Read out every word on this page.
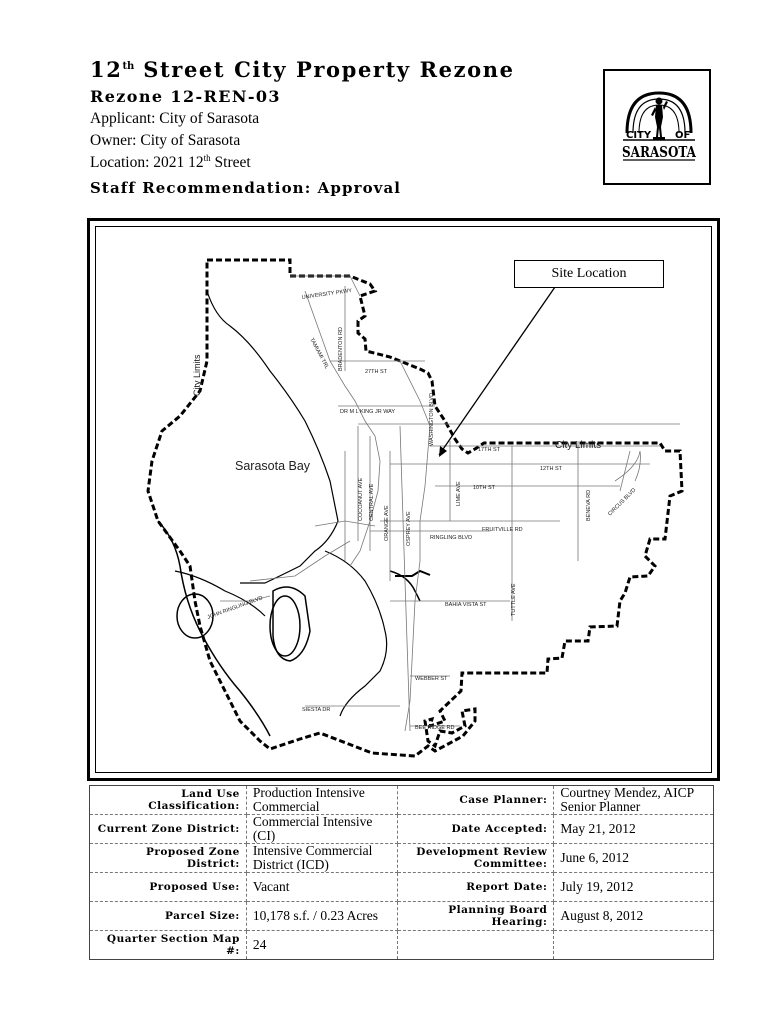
12th Street City Property Rezone
Rezone 12-REN-03
Applicant: City of Sarasota
Owner: City of Sarasota
Location: 2021 12th Street
Staff Recommendation: Approval
CITY OF
SARASOTA
Sarasota Bay
City Limits
City Limits
UNIVERSITY PKWY
TAMIAMI TRL BRADENTON RD
27TH ST
DR M L KING JR WAY	WASHINGTON BLVD
17TH ST
12TH ST
10TH ST
LIME AVE	BENEVA RD	CIRCUS BLVD
COCOANUT AVE CENTRAL AVE
OSPREY AVE
ORANGE AVE	FRUITVILLE RD
RINGLING BLVD
BAHIA VISTA ST	TUTTLE AVE
JOHN RINGLING BLVD
WEBBER ST
SIESTA DR
BEE RIDGE RD
Site Location
Land Use Classification:	Production Intensive Commercial	Case Planner:	Courtney Mendez, AICP Senior Planner
Current Zone District:	Commercial Intensive (CI)	Date Accepted:	May 21, 2012
Proposed Zone District:	Intensive Commercial District (ICD)	Development Review Committee:	June 6, 2012
Proposed Use:	Vacant	Report Date:	July 19, 2012
Parcel Size:	10,178 s.f. / 0.23 Acres	Planning Board Hearing:	August 8, 2012
Quarter Section Map #:	24		
